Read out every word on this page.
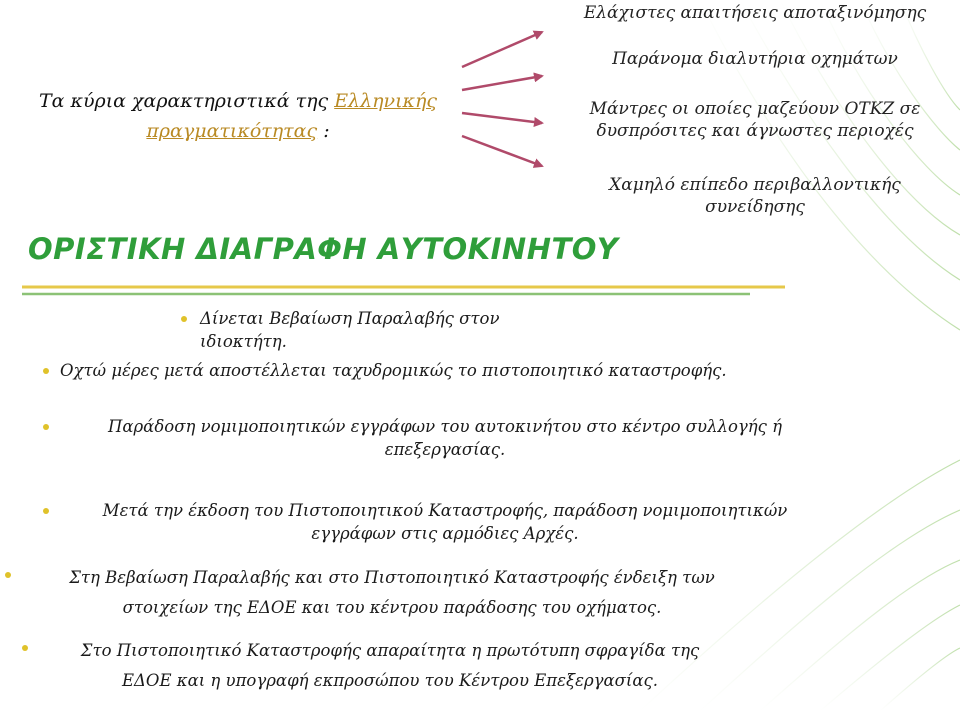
Τα κύρια χαρακτηριστικά της Ελληνικής
πραγματικότητας :

Ελάχιστες απαιτήσεις αποταξινόμησης
Παράνομα διαλυτήρια οχημάτων
Μάντρες οι οποίες μαζεύουν ΟΤΚΖ σε
δυσπρόσιτες και άγνωστες περιοχές
Χαμηλό επίπεδο περιβαλλοντικής
συνείδησης
ΟΡΙΣΤΙΚΗ ΔΙΑΓΡΑΦΗ ΑΥΤΟΚΙΝΗΤΟΥ
Δίνεται Βεβαίωση Παραλαβής στον ιδιοκτήτη.
Οχτώ μέρες μετά αποστέλλεται ταχυδρομικώς το πιστοποιητικό καταστροφής.
Παράδοση νομιμοποιητικών εγγράφων του αυτοκινήτου στο κέντρο συλλογής ή
επεξεργασίας.
Μετά την έκδοση του Πιστοποιητικού Καταστροφής, παράδοση νομιμοποιητικών
εγγράφων στις αρμόδιες Αρχές.
Στη Βεβαίωση Παραλαβής και στο Πιστοποιητικό Καταστροφής ένδειξη των
στοιχείων της ΕΔΟΕ και του κέντρου παράδοσης του οχήματος.
Στο Πιστοποιητικό Καταστροφής απαραίτητα η πρωτότυπη σφραγίδα της
ΕΔΟΕ και η υπογραφή εκπροσώπου του Κέντρου Επεξεργασίας.
